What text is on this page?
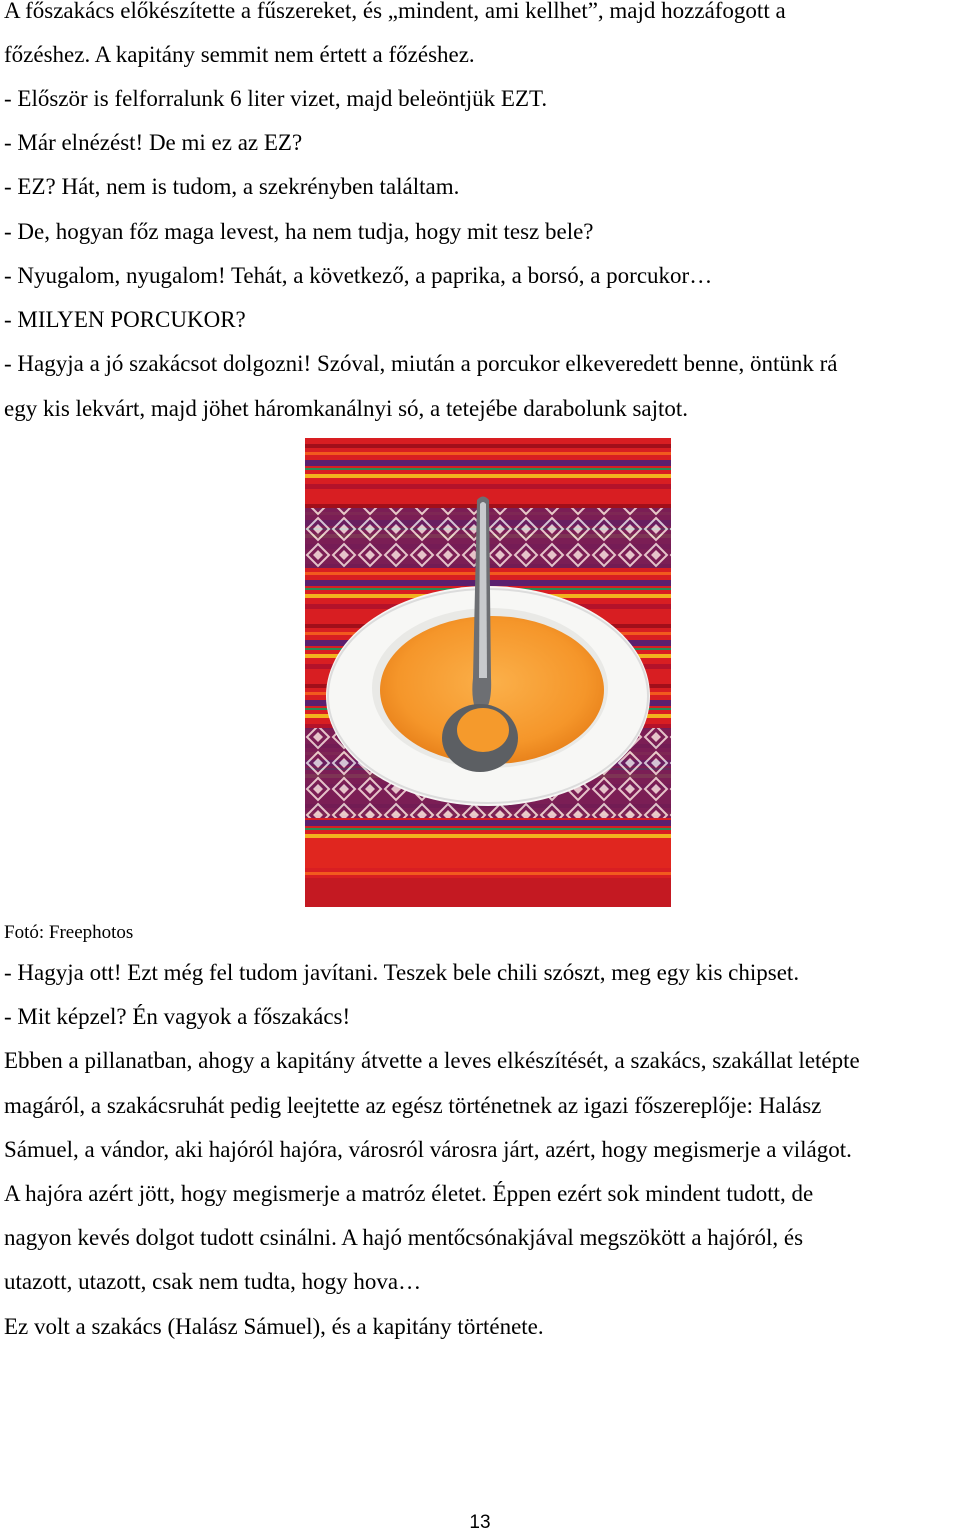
A főszakács előkészítette a fűszereket, és „mindent, ami kellhet”, majd hozzáfogott a

főzéshez. A kapitány semmit nem értett a főzéshez.

- Először is felforralunk 6 liter vizet, majd beleöntjük EZT.

- Már elnézést! De mi ez az EZ?

- EZ? Hát, nem is tudom, a szekrényben találtam.

- De, hogyan főz maga levest, ha nem tudja, hogy mit tesz bele?

- Nyugalom, nyugalom! Tehát, a következő, a paprika, a borsó, a porcukor…

- MILYEN PORCUKOR?

- Hagyja a jó szakácsot dolgozni! Szóval, miután a porcukor elkeveredett benne, öntünk rá

egy kis lekvárt, majd jöhet háromkanálnyi só, a tetejébe darabolunk sajtot.

Fotó: Freephotos

- Hagyja ott! Ezt még fel tudom javítani. Teszek bele chili szószt, meg egy kis chipset.

- Mit képzel? Én vagyok a főszakács!

Ebben a pillanatban, ahogy a kapitány átvette a leves elkészítését, a szakács, szakállat letépte

magáról, a szakácsruhát pedig leejtette az egész történetnek az igazi főszereplője: Halász

Sámuel, a vándor, aki hajóról hajóra, városról városra járt, azért, hogy megismerje a világot.

A hajóra azért jött, hogy megismerje a matróz életet. Éppen ezért sok mindent tudott, de

nagyon kevés dolgot tudott csinálni. A hajó mentőcsónakjával megszökött a hajóról, és

utazott, utazott, csak nem tudta, hogy hova…

Ez volt a szakács (Halász Sámuel), és a kapitány története.

13
